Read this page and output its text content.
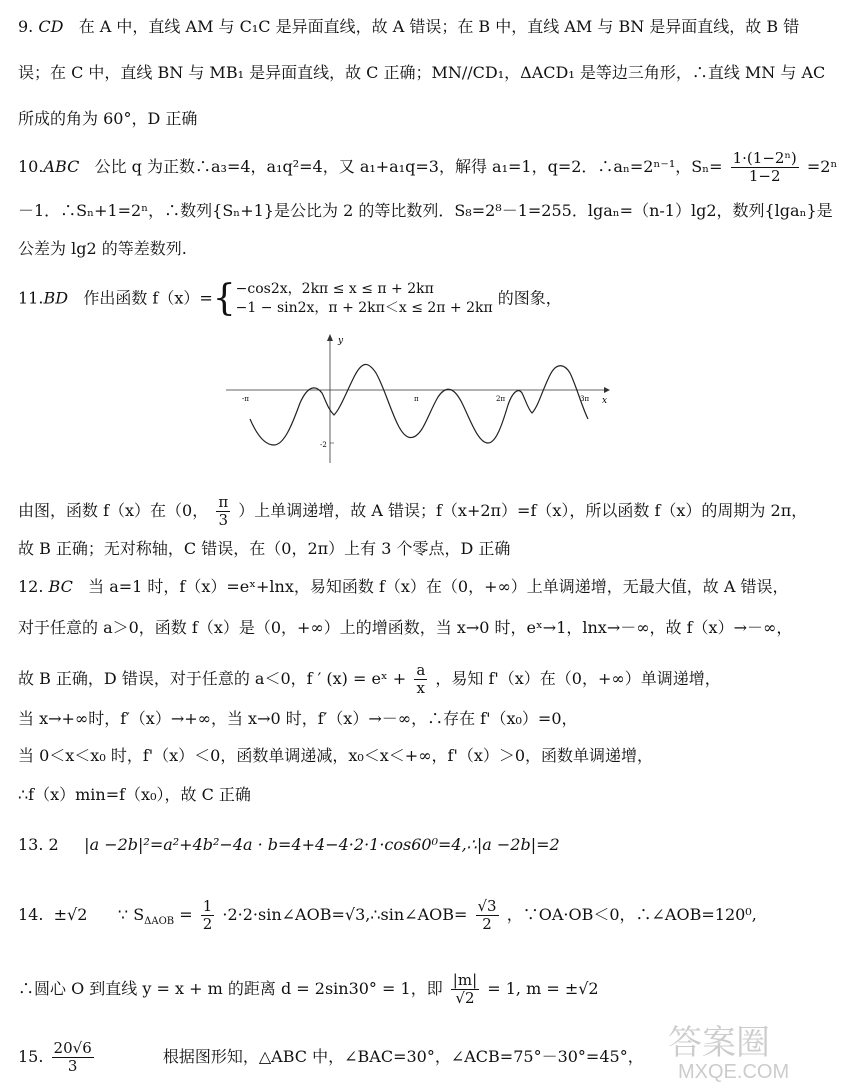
9. CD 在 A 中，直线 AM 与 C₁C 是异面直线，故 A 错误；在 B 中，直线 AM 与 BN 是异面直线，故 B 错
误；在 C 中，直线 BN 与 MB₁ 是异面直线，故 C 正确；MN//CD₁，ΔACD₁ 是等边三角形，∴直线 MN 与 AC
所成的角为 60°，D 正确
10.ABC 公比 q 为正数∴a₃=4，a₁q²=4，又 a₁+a₁q=3，解得 a₁=1，q=2．∴aₙ=2ⁿ⁻¹，$S_n= \frac{\text{1·(1−2ⁿ)}}{1-2} =2^n$
－1．∴Sₙ+1=2ⁿ，∴数列{Sₙ+1}是公比为 2 的等比数列．S₈=2⁸－1=255．lgaₙ=（n-1）lg2，数列{lgaₙ}是
公差为 lg2 的等差数列.
11.BD 作出函数 f（x）={ −cos2x，2kπ ≤ x ≤ π + 2kπ
−1 − sin2x，π + 2kπ＜x ≤ 2π + 2kπ
的图象，
y
x
-π	π	2π	3π
-2
由图，函数 f（x）在（0， $\frac{\pi}{3}$ ）上单调递增，故 A 错误；f（x+2π）=f（x），所以函数 f（x）的周期为 2π，
故 B 正确；无对称轴，C 错误，在（0，2π）上有 3 个零点，D 正确
12. BC 当 a=1 时，f（x）=eˣ+lnx，易知函数 f（x）在（0，+∞）上单调递增，无最大值，故 A 错误，
对于任意的 a＞0，函数 f（x）是（0，+∞）上的增函数，当 x→0 时，eˣ→1，lnx→－∞，故 f（x）→－∞，
故 B 正确，D 错误，对于任意的 a＜0，f ′ (x) = eˣ + $\frac{a}{x}$ ，易知 f'（x）在（0，+∞）单调递增，
当 x→+∞时，f′（x）→+∞，当 x→0 时，f′（x）→－∞，∴存在 f'（x₀）=0，
当 0＜x＜x₀ 时，f'（x）＜0，函数单调递减，x₀＜x＜+∞，f'（x）＞0，函数单调递增，
∴f（x）min=f（x₀），故 C 正确
13. 2 |a −2b|²=a²+4b²−4a · b=4+4−4·2·1·cos60⁰=4,∴|a −2b|=2
14. ±√2 ∵ $S_{\Delta AOB} = \frac{1}{2}$ ·2·2·sin∠AOB=√3,∴sin∠AOB= $\frac{√3}{2}$ ，∵OA·OB＜0，∴∠AOB=120⁰,
∴圆心 O 到直线 y = x + m 的距离 d = 2sin30° = 1，即 $\frac{|m|}{√2} = 1$, m = ±√2
15. $\frac{20√6}{3}$	根据图形知，△ABC 中，∠BAC=30°，∠ACB=75°－30°=45°， 答案圈
MXQE.COM
